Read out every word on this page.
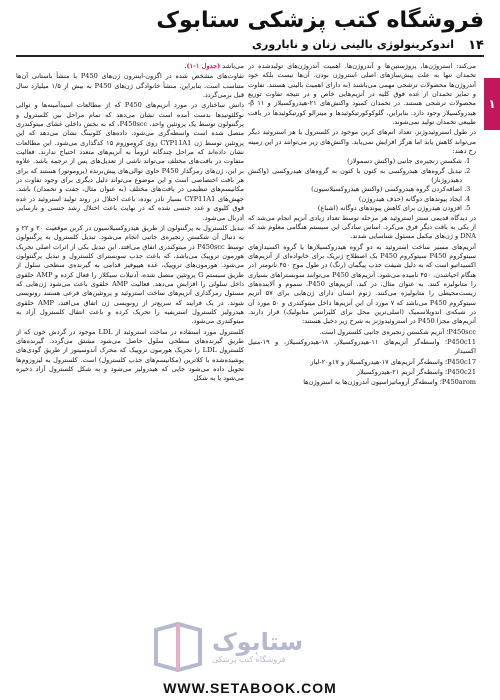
فروشگاه کتب پزشکی ستابوک
۱۴
اندوکرینولوژی بالینی زنان و ناباروری
۱

می‌کند: استروژن‌ها، پروژستین‌ها و آندروژن‌ها. اهمیت آندروژن‌های تولیدشده در تخمدان تنها به علت پیش‌سازهای اصلی استروژن بودن، آن‌ها نیست بلکه خود آندروژن‌ها محصولات ترشحی مهمی می‌باشند (به دارای اهمیت بالینی هستند. تفاوت و تمایز تخمدان از غده فوق کلیه در آنزیم‌هایی خاص و در نتیجه تفاوت توزیع محصولات ترشحی هستند. در تخمدان کمبود واکنش‌های ۲۱-هیدروکسیلاز و ۱۱ β-هیدروکسیلاز وجود دارد. بنابراین، گلوکوکورتیکوئیدها و مینرالو کورتیکوئیدها در بافت طبیعی تخمدان تولید نمی‌شوند.

در طول استروئیدوژنز، تعداد اتم‌های کربن موجود در کلسترول یا هر استروئید دیگر می‌تواند کاهش یابد اما هرگز افزایش نمی‌یابد. واکنش‌های زیر می‌توانند در این زمینه رخ دهند:

1. شکستن زنجیره‌ی جانبی (واکنش دسمولاز)
2. تبدیل گروه‌های هیدروکسی به کتون یا کتون به گروه‌های هیدروکسی (واکنش دهیدروژناز)
3. اضافه‌کردن گروه هیدروکسی (واکنش هیدروکسیلاسیون)
4. ایجاد پیوندهای دوگانه (حذف هیدروژن)
5. افزودن هیدروژن برای کاهش پیوندهای دوگانه (اشباع)

در دیدگاه قدیمی سنتز استروئید هر مرحله توسط تعداد زیادی آنزیم انجام می‌شد که از یکی به بافت دیگر فرق می‌کرد. اساس سادگی این سیستم هنگامی معلوم شد که DNA و ژن‌های مکمل مسئول شناسایی شدند.

آنزیم‌های مسیر ساخت استروئید به دو گروه هیدروکسیلازها یا گروه اکسیدازهای سیتوکروم P450 سیتوکروم P450 یک اصطلاح ژنریک برای خانواده‌ای از آنزیم‌های اکسیداتیو است که به دلیل شیفت جذب پیگمان (رنگ) در طول موج ۴۵۰ نانومتر (در هنگام احیاشدن، ۴۵۰ نامیده می‌شود. آنزیم‌های P450 می‌توانند سوبستراهای بسیاری را متابولیزه کنند. به عنوان مثال، در کبد، آنزیم‌های P450، سموم و آلاینده‌های زیست‌محیطی را متابولیزه می‌کنند. ژنوم انسان دارای ژن‌هایی برای ۵۷ آنزیم سیتوکروم P450 می‌باشد که ۷ مورد آن این آنزیم‌ها داخل میتوکندری و ۵۰ مورد آن در شبکه‌ی اندوپلاسمیک (اسلی‌ترین محل برای کلیرانس متابولیک) قرار دارند. آنزیم‌های مجزا P450 در استروئیدوژنز به شرح زیر دخیل هستند:

P450scc؛ آنزیم شکستن زنجیره‌ی جانبی کلسترول است.

P450c11؛ واسطه‌گر آنزیم‌های ۱۱-هیدروکسیلاز، ۱۸-هیدروکسیلاز، و ۱۹-متیل اکسیداز

P450c17؛ واسطه‌گر آنزیم‌های ۱۷-هیدروکسیلاز و ۱۷و۲۰-لیاز

P450c21؛ واسطه‌گر آنزیم ۲۱-هیدروکسیلاز

P450arom؛ واسطه‌گر آروماتیزاسیون آندروژن‌ها به استروژن‌ها

می‌باشد (جدول ۱-۱).

تفاوت‌های مشخص شده در اگزون-اینترون ژن‌های P450 با منشأ باستانی آن‌ها متناسب است. بنابراین، منشأ خانوادگی ژن‌های P450 به بیش از ۱/۵ میلیارد سال قبل برمی‌گردد.

دانش ساختاری در مورد آنزیم‌های P450 که از مطالعات اسیدآمینه‌ها و توالی نوکلئوتیدها بدست آمده است نشان می‌دهد که تمام مراحل بین کلسترول و پرگننولون توسط یک پروتئین واحد، P450scc، که به بخش داخلی غشای میتوکندری متصل شده است واسطه‌گری می‌شود. داده‌های کلونینگ نشان می‌دهد که این پروتئین توسط ژن CYP11A1 روی کروموزوم ۱۵ کدگذاری می‌شود. این مطالعات نشان داده‌اند که مراحل چندگانه لزوماً به آنزیم‌های متعدد احتیاج ندارند. فعالیت متفاوت در بافت‌های مختلف می‌تواند ناشی از تعدیل‌های پس از ترجمه باشد. علاوه بر این، ژن‌های رمزگذار P450 حاوی توالی‌های پیش‌برنده (پروموتور) هستند که برای هر بافت اختصاصی است و این موضوع می‌تواند دلیل دیگری برای وجود تفاوت در مکانیسم‌های تنظیمی در بافت‌های مختلف (به عنوان مثال، جفت و تخمدان) باشد. جهش‌های CYP11A1 بسیار نادر بوده، باعث اختلال در روند تولید استروئید در غده فوق کلیوی و غدد جنسی شده که در نهایت باعث اختلال رشد جنسی و نارسایی آدرنال می‌شود.

تبدیل کلسترول به پرگننولون از طریق هیدروکسیلاسیون در کربن موقعیت ۲۰ و ۲۲ و به دنبال آن شکستن زنجیره‌ی جانبی انجام می‌شود. تبدیل کلسترول به پرگننولون توسط P450scc در میتوکندری اتفاق می‌افتد. این تبدیل یکی از اثرات اصلی تحریک هورمون تروپیک می‌باشد، که باعث جذب سوبسترای کلسترول و تبدیل پرگننولون می‌شود. هورمون‌های تروپیک، غده هیپوفیز قدامی به گیرنده‌ی سطحی سلول از طریق سیستم G پروتئین متصل شده، آدنیلات سیکلاز را فعال کرده و AMP حلقوی داخل سلولی را افزایش می‌دهد. فعالیت AMP حلقوی باعث می‌شود ژن‌هایی که مسئول رمزگذاری آنزیم‌های ساخت استروئید و پروتئین‌های فرعی هستند رونویسی شوند. در یک فرایند که سریع‌تر از رونویسی ژن اتفاق می‌افتد، AMP حلقوی هیدرولیز کلسترول استریفیه را تحریک کرده و باعث انتقال کلسترول آزاد به میتوکندری می‌شود.

کلسترول مورد استفاده در ساخت استروئید از LDL موجود در گردش خون که از طریق گیرنده‌های سطحی سلول حاصل می‌شود مشتق می‌گردد. گیرنده‌های کلسترول LDL را تحریک هورمون تروپیک که محرک آندوسیتوز از طریق گودی‌های پوشیده‌شده با کلاترین (مکانیسم‌های جذب کلسترول) است. کلسترول به لیزوزوم‌ها تحویل داده می‌شود جایی که هیدرولیز می‌شود و به شکل کلسترول آزاد ذخیره می‌شود یا به شکل

ستابوک
فروشگاه کتب پزشکی
WWW.SETABOOK.COM
